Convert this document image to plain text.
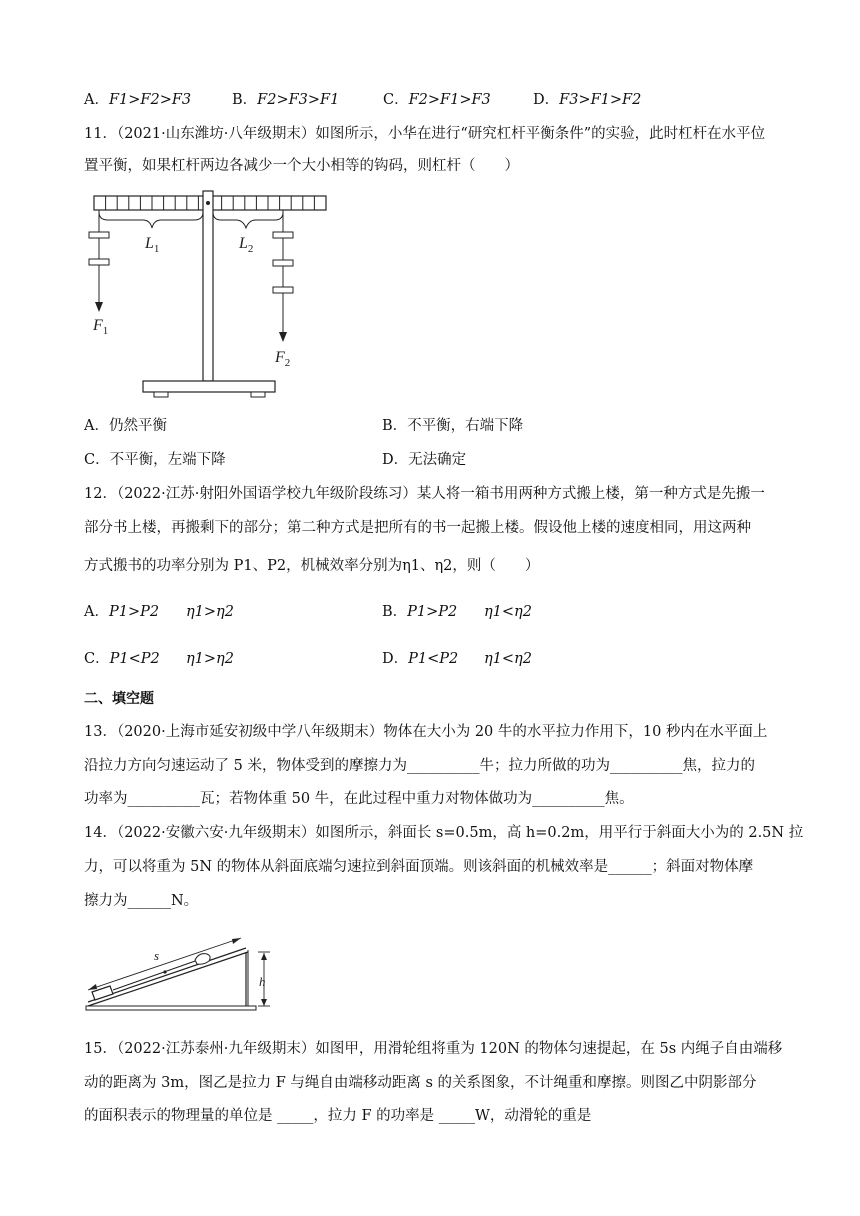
A．F1>F2>F3	B．F2>F3>F1	C．F2>F1>F3	D．F3>F1>F2
11．（2021·山东潍坊·八年级期末）如图所示，小华在进行“研究杠杆平衡条件”的实验，此时杠杆在水平位
置平衡，如果杠杆两边各减少一个大小相等的钩码，则杠杆（　　）
$L_1$	$L_2$
$F_1$
$F_2$
A．仍然平衡	B．不平衡，右端下降
C．不平衡，左端下降	D．无法确定
12．（2022·江苏·射阳外国语学校九年级阶段练习）某人将一箱书用两种方式搬上楼，第一种方式是先搬一
部分书上楼，再搬剩下的部分；第二种方式是把所有的书一起搬上楼。假设他上楼的速度相同，用这两种
方式搬书的功率分别为 P1、P2，机械效率分别为η1、η2，则（　　）
A．P1>P2 η1>η2	B．P1>P2 η1<η2
C．P1<P2 η1>η2	D．P1<P2 η1<η2
二、填空题
13．（2020·上海市延安初级中学八年级期末）物体在大小为 20 牛的水平拉力作用下，10 秒内在水平面上
沿拉力方向匀速运动了 5 米，物体受到的摩擦力为__________牛；拉力所做的功为__________焦，拉力的
功率为__________瓦；若物体重 50 牛，在此过程中重力对物体做功为__________焦。
14．（2022·安徽六安·九年级期末）如图所示，斜面长 s=0.5m，高 h=0.2m，用平行于斜面大小为的 2.5N 拉
力，可以将重为 5N 的物体从斜面底端匀速拉到斜面顶端。则该斜面的机械效率是______；斜面对物体摩
擦力为______N。
s
h
15．（2022·江苏泰州·九年级期末）如图甲，用滑轮组将重为 120N 的物体匀速提起，在 5s 内绳子自由端移
动的距离为 3m，图乙是拉力 F 与绳自由端移动距离 s 的关系图象，不计绳重和摩擦。则图乙中阴影部分
的面积表示的物理量的单位是 _____，拉力 F 的功率是 _____W，动滑轮的重是
